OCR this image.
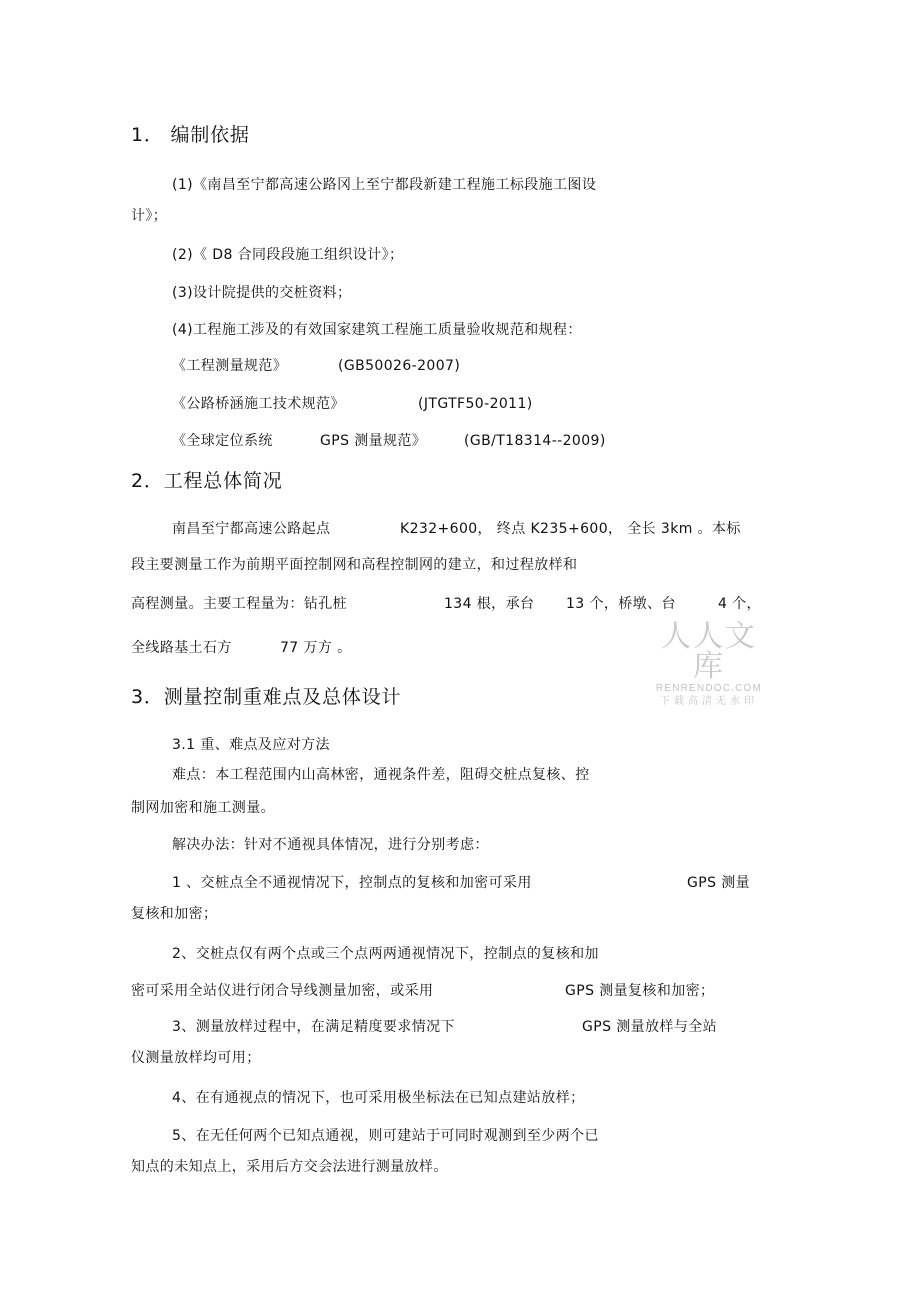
1． 编制依据
(1)《南昌至宁都高速公路冈上至宁都段新建工程施工标段施工图设
计》；
(2)《 D8 合同段段施工组织设计》；
(3)设计院提供的交桩资料；
(4)工程施工涉及的有效国家建筑工程施工质量验收规范和规程：
《工程测量规范》	(GB50026-2007)
《公路桥涵施工技术规范》	(JTGTF50-2011)
《全球定位系统	GPS 测量规范》	(GB/T18314--2009)
2．工程总体简况
南昌至宁都高速公路起点	K232+600， 终点 K235+600， 全长 3km 。本标
段主要测量工作为前期平面控制网和高程控制网的建立，和过程放样和
高程测量。主要工程量为：钻孔桩	134 根，承台 13 个，桥墩、台	4 个，
全线路基土石方	77 万方 。
3．测量控制重难点及总体设计
3.1 重、难点及应对方法
难点：本工程范围内山高林密，通视条件差，阻碍交桩点复核、控
制网加密和施工测量。
解决办法：针对不通视具体情况，进行分别考虑：
1 、交桩点全不通视情况下，控制点的复核和加密可采用	GPS 测量
复核和加密；
2、交桩点仅有两个点或三个点两两通视情况下，控制点的复核和加
密可采用全站仪进行闭合导线测量加密，或采用	GPS 测量复核和加密；
3、测量放样过程中，在满足精度要求情况下	GPS 测量放样与全站
仪测量放样均可用；
4、在有通视点的情况下，也可采用极坐标法在已知点建站放样；
5、在无任何两个已知点通视，则可建站于可同时观测到至少两个已
知点的未知点上，采用后方交会法进行测量放样。
人人文库
RENRENDOC.COM
下载高清无水印
